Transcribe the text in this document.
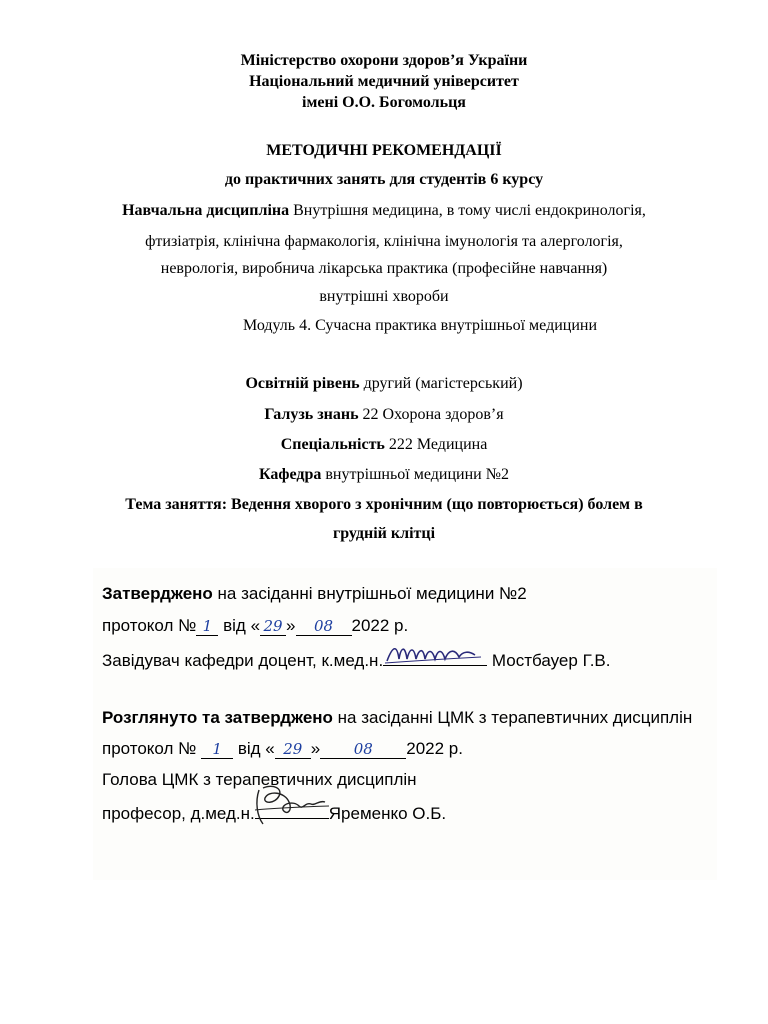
Міністерство охорони здоров’я України
Національний медичний університет
імені О.О. Богомольця
МЕТОДИЧНІ РЕКОМЕНДАЦІЇ
до практичних занять для студентів 6 курсу
Навчальна дисципліна Внутрішня медицина, в тому числі ендокринологія,
фтизіатрія, клінічна фармакологія, клінічна імунологія та алергологія,
неврологія, виробнича лікарська практика (професійне навчання)
внутрішні хвороби
Модуль 4. Сучасна практика внутрішньої медицини
Освітній рівень другий (магістерський)
Галузь знань 22 Охорона здоров’я
Спеціальність 222 Медицина
Кафедра внутрішньої медицини №2
Тема заняття: Ведення хворого з хронічним (що повторюється) болем в
грудній клітці
Затверджено на засіданні внутрішньої медицини №2
протокол № 1 від « 29 » 08 2022 р.
Завідувач кафедри доцент, к.мед.н.	Мостбауер Г.В.
Розглянуто та затверджено на засіданні ЦМК з терапевтичних дисциплін
протокол № 1 від « 29 » 08 2022 р.
Голова ЦМК з терапевтичних дисциплін
професор, д.мед.н.	Яременко О.Б.
